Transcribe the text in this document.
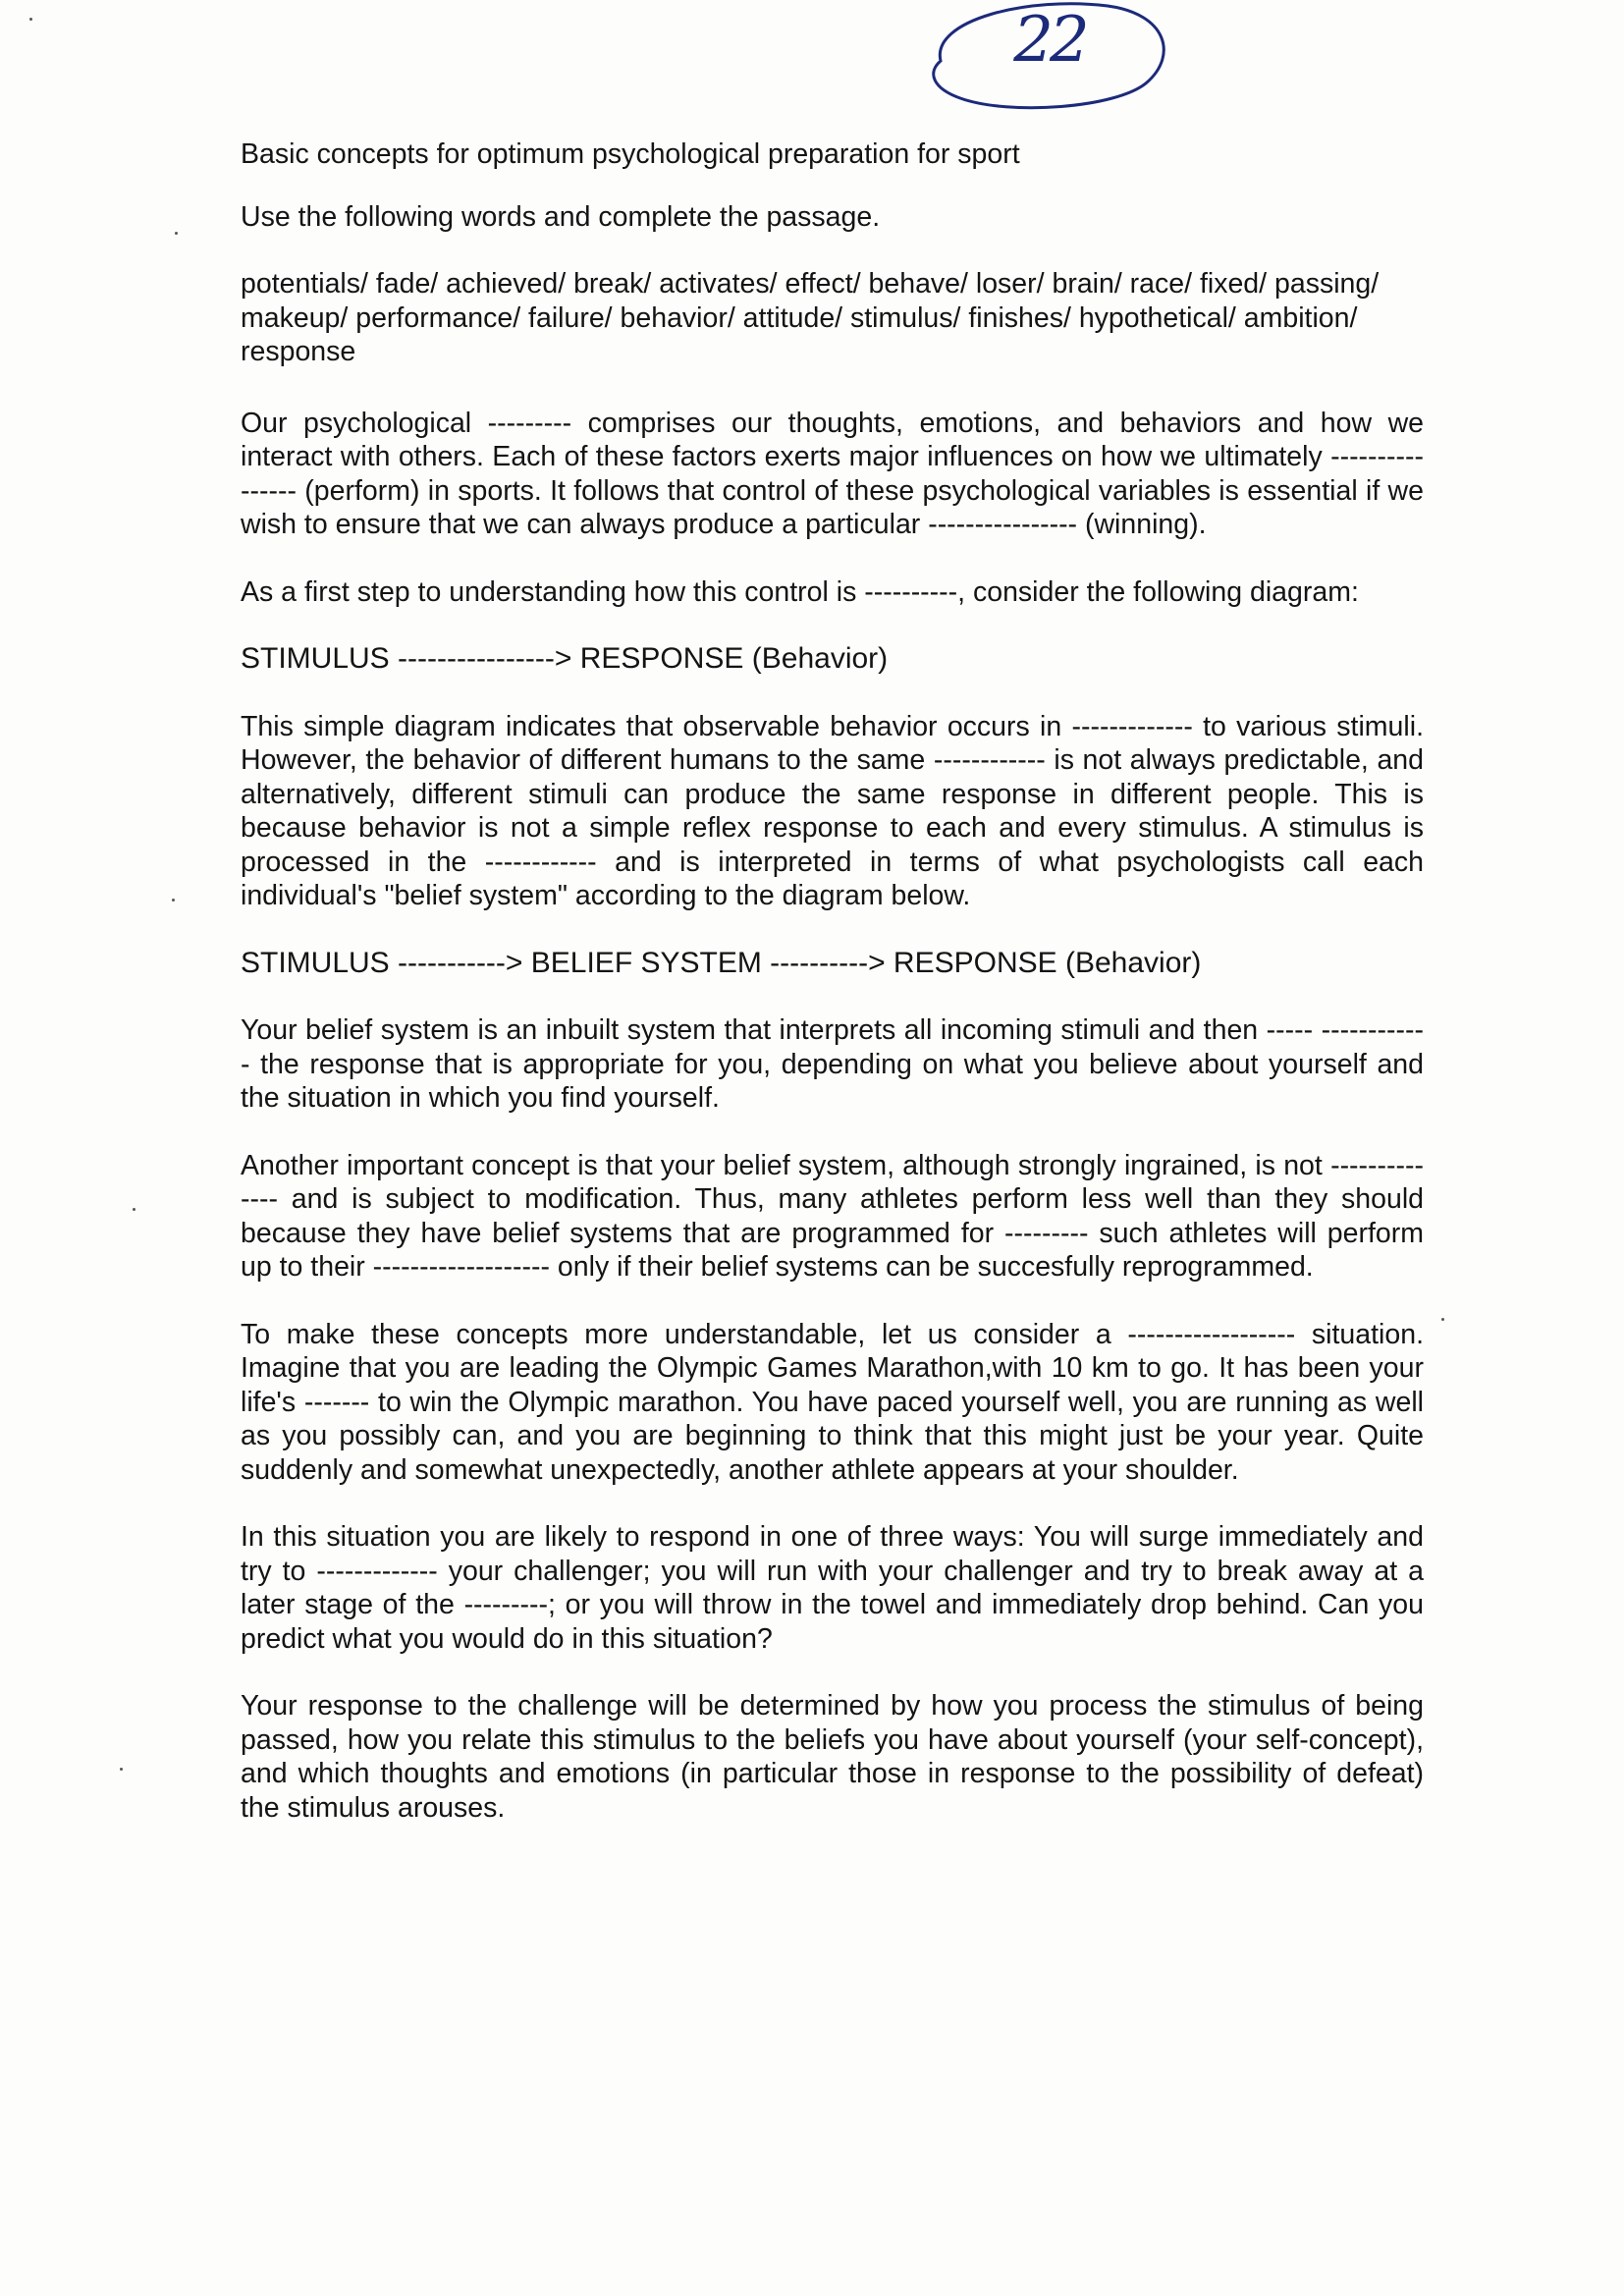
22

Basic concepts for optimum psychological preparation for sport

Use the following words and complete the passage.

potentials/ fade/ achieved/ break/ activates/ effect/ behave/ loser/ brain/ race/ fixed/ passing/ makeup/ performance/ failure/ behavior/ attitude/ stimulus/ finishes/ hypothetical/ ambition/ response

Our psychological --------- comprises our thoughts, emotions, and behaviors and how we interact with others. Each of these factors exerts major influences on how we ultimately ---------------- (perform) in sports. It follows that control of these psychological variables is essential if we wish to ensure that we can always produce a particular ---------------- (winning).

As a first step to understanding how this control is ----------, consider the following diagram:

STIMULUS ----------------> RESPONSE (Behavior)

This simple diagram indicates that observable behavior occurs in ------------- to various stimuli. However, the behavior of different humans to the same ------------ is not always predictable, and alternatively, different stimuli can produce the same response in different people. This is because behavior is not a simple reflex response to each and every stimulus. A stimulus is processed in the ------------ and is interpreted in terms of what psychologists call each individual's "belief system" according to the diagram below.

STIMULUS -----------> BELIEF SYSTEM ----------> RESPONSE (Behavior)

Your belief system is an inbuilt system that interprets all incoming stimuli and then ----- ------------ the response that is appropriate for you, depending on what you believe about yourself and the situation in which you find yourself.

Another important concept is that your belief system, although strongly ingrained, is not -------------- and is subject to modification. Thus, many athletes perform less well than they should because they have belief systems that are programmed for --------- such athletes will perform up to their ------------------- only if their belief systems can be succesfully reprogrammed.

To make these concepts more understandable, let us consider a ------------------ situation. Imagine that you are leading the Olympic Games Marathon,with 10 km to go. It has been your life's ------- to win the Olympic marathon. You have paced yourself well, you are running as well as you possibly can, and you are beginning to think that this might just be your year. Quite suddenly and somewhat unexpectedly, another athlete appears at your shoulder.

In this situation you are likely to respond in one of three ways: You will surge immediately and try to ------------- your challenger; you will run with your challenger and try to break away at a later stage of the ---------; or you will throw in the towel and immediately drop behind. Can you predict what you would do in this situation?

Your response to the challenge will be determined by how you process the stimulus of being passed, how you relate this stimulus to the beliefs you have about yourself (your self-concept), and which thoughts and emotions (in particular those in response to the possibility of defeat) the stimulus arouses.
